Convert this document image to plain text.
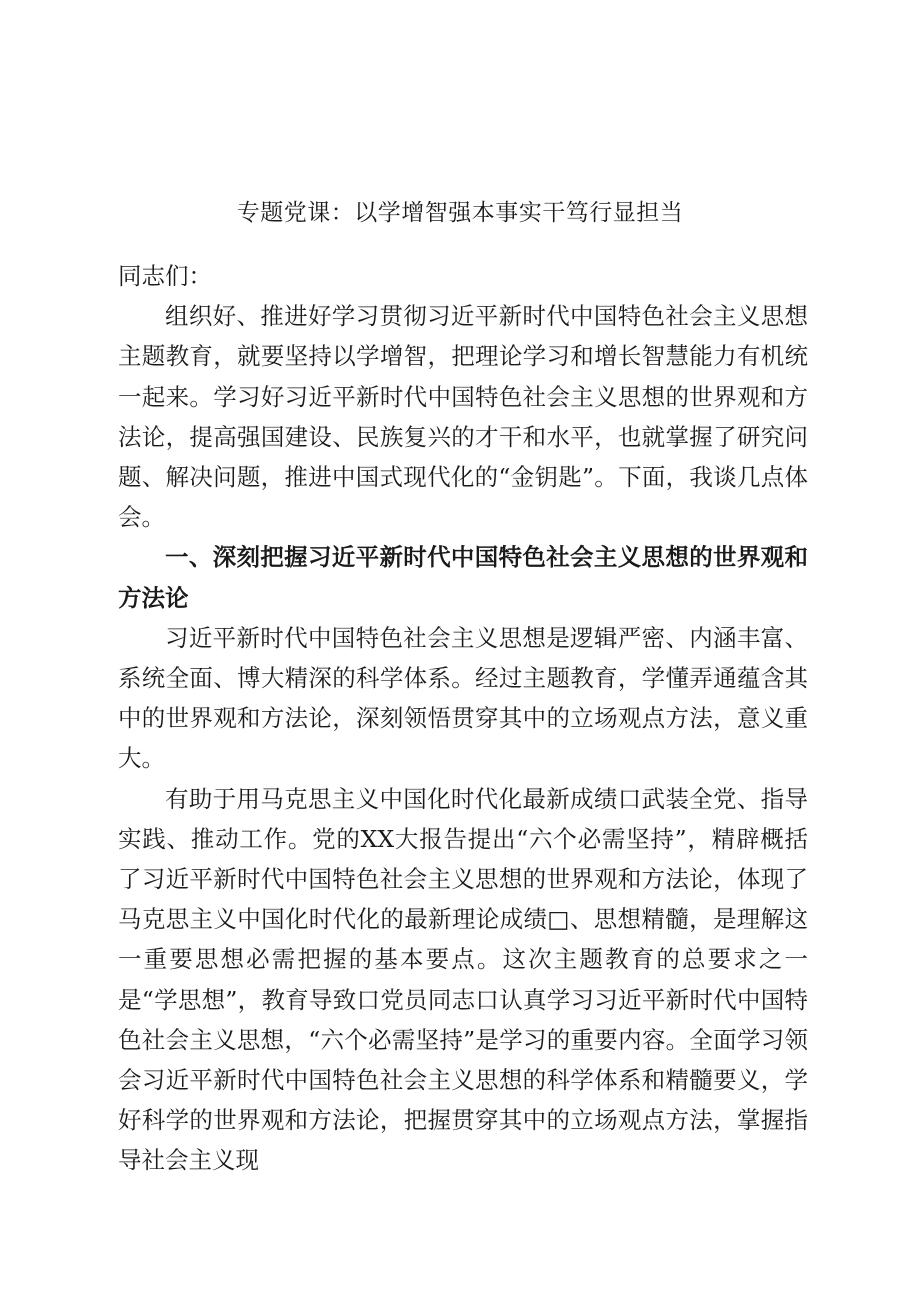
专题党课：以学增智强本事实干笃行显担当

同志们：

组织好、推进好学习贯彻习近平新时代中国特色社会主义思想主题教育，就要坚持以学增智，把理论学习和增长智慧能力有机统一起来。学习好习近平新时代中国特色社会主义思想的世界观和方法论，提高强国建设、民族复兴的才干和水平，也就掌握了研究问题、解决问题，推进中国式现代化的“金钥匙”。下面，我谈几点体会。

一、深刻把握习近平新时代中国特色社会主义思想的世界观和方法论

习近平新时代中国特色社会主义思想是逻辑严密、内涵丰富、系统全面、博大精深的科学体系。经过主题教育，学懂弄通蕴含其中的世界观和方法论，深刻领悟贯穿其中的立场观点方法，意义重大。

有助于用马克思主义中国化时代化最新成绩口武装全党、指导实践、推动工作。党的XX大报告提出“六个必需坚持”，精辟概括了习近平新时代中国特色社会主义思想的世界观和方法论，体现了马克思主义中国化时代化的最新理论成绩□、思想精髓，是理解这一重要思想必需把握的基本要点。这次主题教育的总要求之一是“学思想”，教育导致口党员同志口认真学习习近平新时代中国特色社会主义思想，“六个必需坚持”是学习的重要内容。全面学习领会习近平新时代中国特色社会主义思想的科学体系和精髓要义，学好科学的世界观和方法论，把握贯穿其中的立场观点方法，掌握指导社会主义现
